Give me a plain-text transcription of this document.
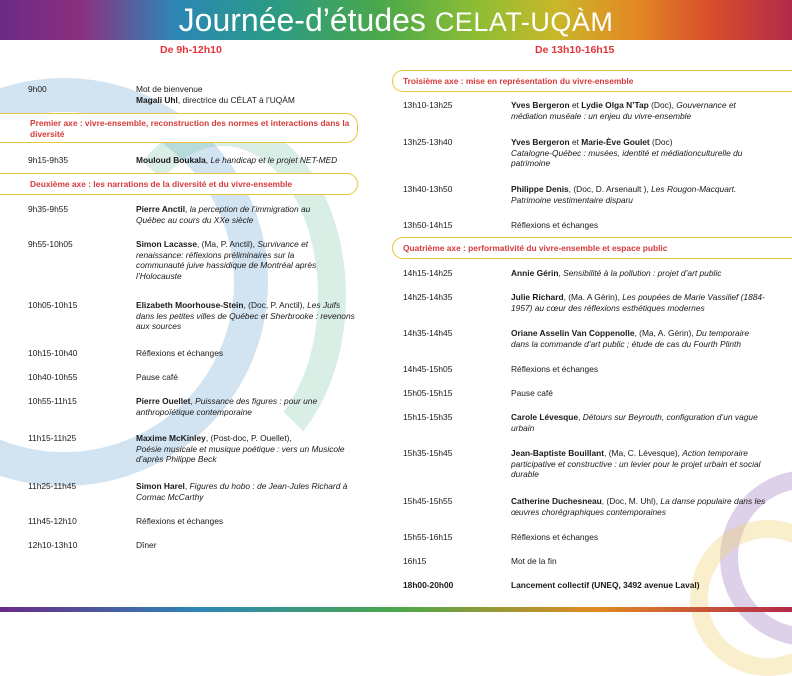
Journée-d’études CELAT-UQÀM
De 9h-12h10	De 13h10-16h15
9h00	Mot de bienvenue
Magali Uhl, directrice du CÉLAT à l’UQÀM
Premier axe : vivre-ensemble, reconstruction des normes et interactions dans la diversité
9h15-9h35	Mouloud Boukala, Le handicap et le projet NET-MED
Deuxième axe : les narrations de la diversité et du vivre-ensemble
9h35-9h55	Pierre Anctil, la perception de l’immigration au Québec au cours du XXe siècle
9h55-10h05	Simon Lacasse, (Ma, P. Anctil), Survivance et renaissance: réflexions préliminaires sur la communauté juive hassidique de Montréal après l’Holocauste
10h05-10h15	Elizabeth Moorhouse-Stein, (Doc, P. Anctil), Les Juifs dans les petites villes de Québec et Sherbrooke : revenons aux sources
10h15-10h40	Réflexions et échanges
10h40-10h55	Pause café
10h55-11h15	Pierre Ouellet, Puissance des figures : pour une anthropoïétique contemporaine
11h15-11h25	Maxime McKinley, (Post-doc, P. Ouellet),
Poésie musicale et musique poétique : vers un Musicole d’après Philippe Beck
11h25-11h45	Simon Harel, Figures du hobo : de Jean-Jules Richard à Cormac McCarthy
11h45-12h10	Réflexions et échanges
12h10-13h10	Dîner
Troisième axe : mise en représentation du vivre-ensemble
13h10-13h25	Yves Bergeron et Lydie Olga N’Tap (Doc), Gouvernance et médiation muséale : un enjeu du vivre-ensemble
13h25-13h40	Yves Bergeron et Marie-Ève Goulet (Doc)
Catalogne-Québec : musées, identité et médiationculturelle du patrimoine
13h40-13h50	Philippe Denis, (Doc, D. Arsenault ), Les Rougon-Macquart. Patrimoine vestimentaire disparu
13h50-14h15	Réflexions et échanges
Quatrième axe : performativité du vivre-ensemble et espace public
14h15-14h25	Annie Gérin, Sensibilité à la pollution : projet d’art public
14h25-14h35	Julie Richard, (Ma. A Gérin), Les poupées de Marie Vassilief (1884-1957) au cœur des réflexions esthétiques modernes
14h35-14h45	Oriane Asselin Van Coppenolle, (Ma, A. Gérin), Du temporaire dans la commande d’art public ; étude de cas du Fourth Plinth
14h45-15h05	Réflexions et échanges
15h05-15h15	Pause café
15h15-15h35	Carole Lévesque, Détours sur Beyrouth, configuration d’un vague urbain
15h35-15h45	Jean-Baptiste Bouillant, (Ma, C. Lévesque), Action temporaire participative et constructive : un levier pour le projet urbain et social durable
15h45-15h55	Catherine Duchesneau, (Doc, M. Uhl), La danse populaire dans les œuvres chorégraphiques contemporaines
15h55-16h15	Réflexions et échanges
16h15	Mot de la fin
18h00-20h00	Lancement collectif (UNEQ, 3492 avenue Laval)
